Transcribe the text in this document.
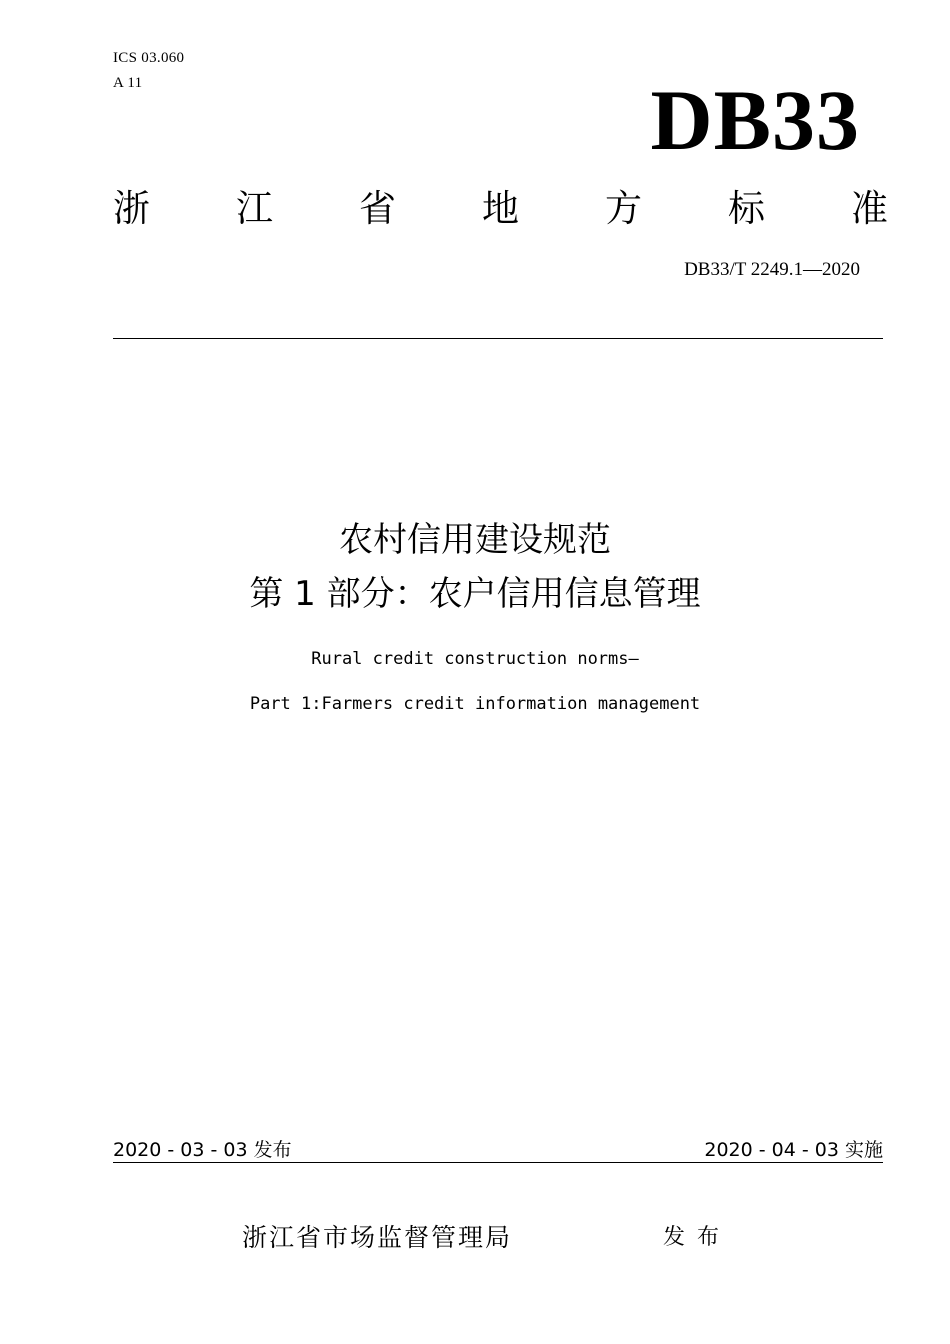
ICS 03.060
A 11	DB33
浙 江 省 地 方 标 准
DB33/T 2249.1—2020
农村信用建设规范
第 1 部分：农户信用信息管理
Rural credit construction norms—
Part 1:Farmers credit information management
2020 - 03 - 03 发布	2020 - 04 - 03 实施
浙江省市场监督管理局	发布
